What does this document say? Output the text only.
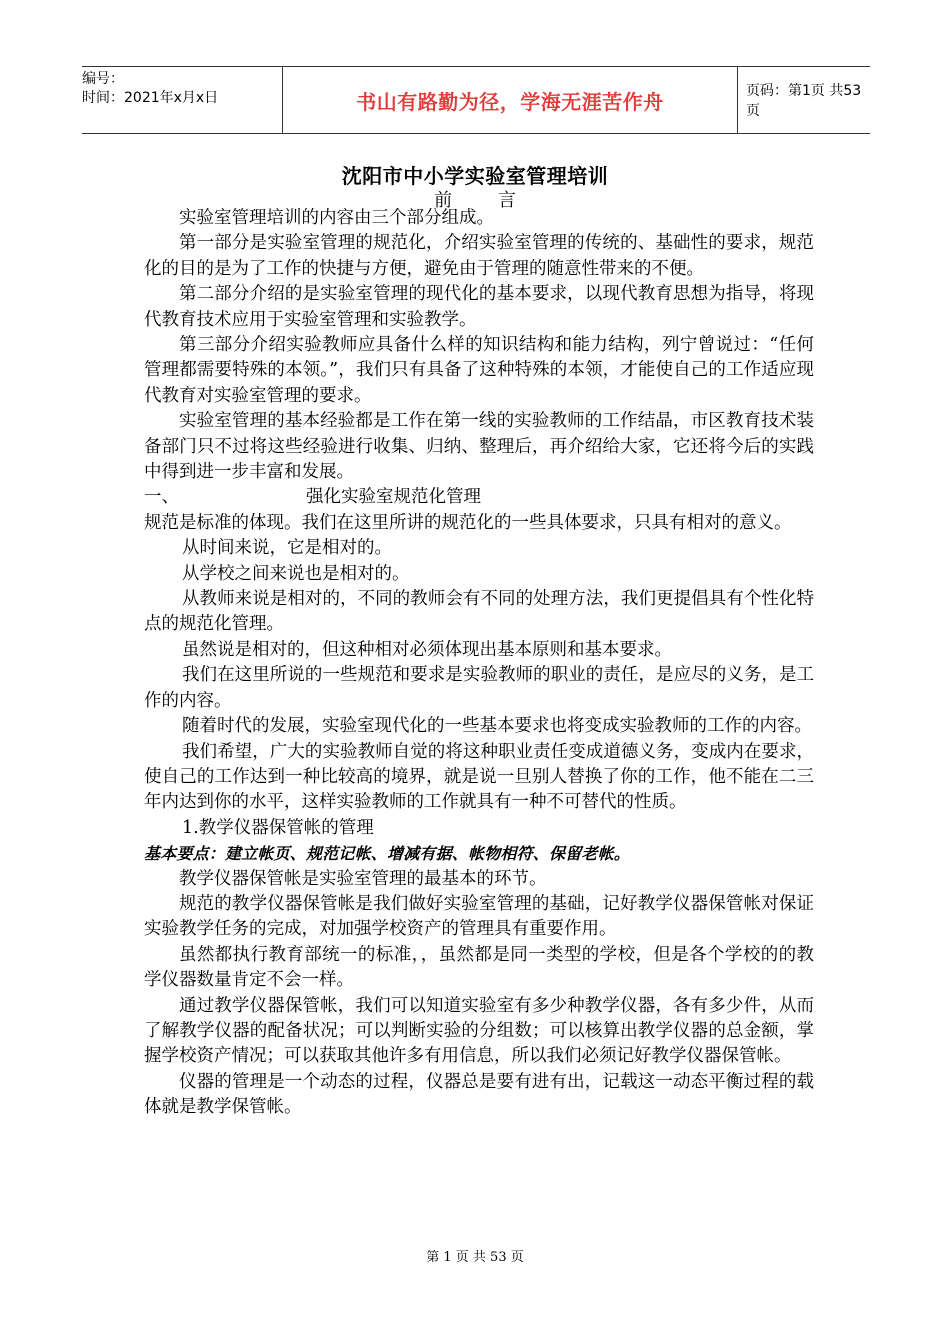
编号：
时间：2021年x月x日	书山有路勤为径，学海无涯苦作舟	页码：第1页 共53页
沈阳市中小学实验室管理培训
前        言

实验室管理培训的内容由三个部分组成。

第一部分是实验室管理的规范化，介绍实验室管理的传统的、基础性的要求，规范化的目的是为了工作的快捷与方便，避免由于管理的随意性带来的不便。

第二部分介绍的是实验室管理的现代化的基本要求，以现代教育思想为指导，将现代教育技术应用于实验室管理和实验教学。

第三部分介绍实验教师应具备什么样的知识结构和能力结构，列宁曾说过：“任何管理都需要特殊的本领。”，我们只有具备了这种特殊的本领，才能使自己的工作适应现代教育对实验室管理的要求。

实验室管理的基本经验都是工作在第一线的实验教师的工作结晶，市区教育技术装备部门只不过将这些经验进行收集、归纳、整理后，再介绍给大家，它还将今后的实践中得到进一步丰富和发展。

一、	强化实验室规范化管理

规范是标准的体现。我们在这里所讲的规范化的一些具体要求，只具有相对的意义。

从时间来说，它是相对的。

从学校之间来说也是相对的。

从教师来说是相对的，不同的教师会有不同的处理方法，我们更提倡具有个性化特点的规范化管理。

虽然说是相对的，但这种相对必须体现出基本原则和基本要求。

我们在这里所说的一些规范和要求是实验教师的职业的责任，是应尽的义务，是工作的内容。

随着时代的发展，实验室现代化的一些基本要求也将变成实验教师的工作的内容。

我们希望，广大的实验教师自觉的将这种职业责任变成道德义务，变成内在要求，使自己的工作达到一种比较高的境界，就是说一旦别人替换了你的工作，他不能在二三年内达到你的水平，这样实验教师的工作就具有一种不可替代的性质。

1.教学仪器保管帐的管理

基本要点：建立帐页、规范记帐、增减有据、帐物相符、保留老帐。

教学仪器保管帐是实验室管理的最基本的环节。

规范的教学仪器保管帐是我们做好实验室管理的基础，记好教学仪器保管帐对保证实验教学任务的完成，对加强学校资产的管理具有重要作用。

虽然都执行教育部统一的标准，，虽然都是同一类型的学校，但是各个学校的的教学仪器数量肯定不会一样。

通过教学仪器保管帐，我们可以知道实验室有多少种教学仪器，各有多少件，从而了解教学仪器的配备状况；可以判断实验的分组数；可以核算出教学仪器的总金额，掌握学校资产情况；可以获取其他许多有用信息，所以我们必须记好教学仪器保管帐。

仪器的管理是一个动态的过程，仪器总是要有进有出，记载这一动态平衡过程的载体就是教学保管帐。

第 1 页 共 53 页
